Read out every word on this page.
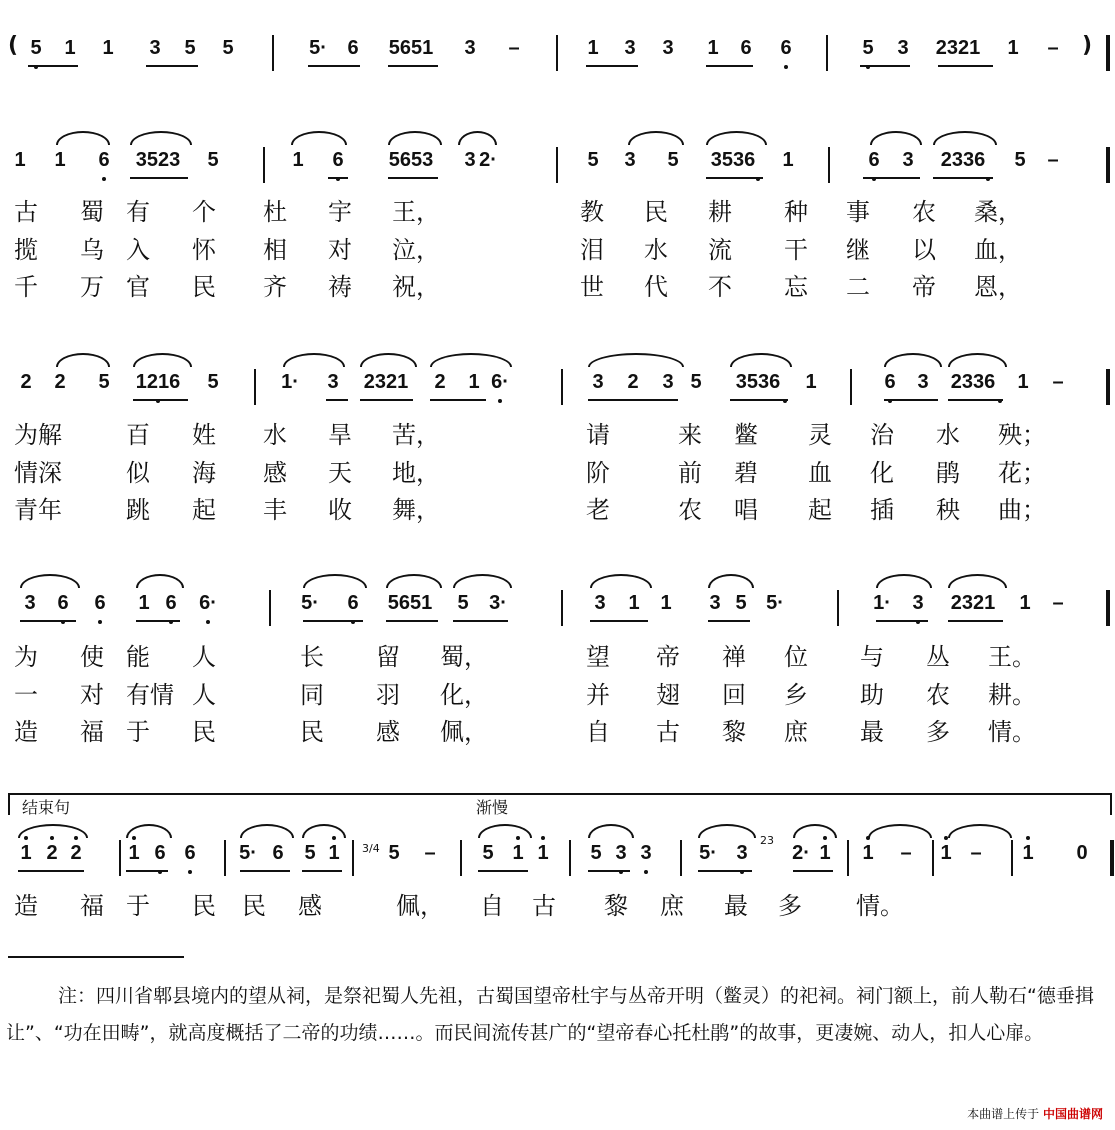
5 1 1 3 5 5	5· 6 5651 3 –	1 3 3 1 6 6	5 3 2321 1 –
(	)
1 1 6 3523 5	1 6 5653 3 2·	5 3 5 3536 1	6 3 2336 5 –
古 蜀 有 个 杜 宇 王，	教 民 耕 种 事 农 桑，
揽 乌 入 怀 相 对 泣，	泪 水 流 干 继 以 血，
千 万 官 民 齐 祷 祝，	世 代 不 忘 二 帝 恩，
2 2 5 1216 5	1· 3 2321 2 1 6·	3 2 3 5 3536 1	6 3 2336 1 –
为解	百 姓 水 旱 苦，	请	来 鳖 灵 治 水 殃；
情深	似 海 感 天 地，	阶	前 碧 血 化 鹃 花；
青年	跳 起 丰 收 舞，	老	农 唱 起 插 秧 曲；
3 6 6 1 6 6·	5· 6 5651 5 3·	3 1 1 3 5 5·	1· 3 2321 1 –
为 使 能 人	长 留 蜀，	望 帝 禅 位 与 丛 王。
一 对 有情 人	同 羽 化，	并 翅 回 乡 助 农 耕。
造 福 于 民	民 感 佩，	自 古 黎 庶 最 多 情。
结束句	渐慢
1 2 2 1 6 6 5· 6 5 1 5 – 5 1 1 5 3 3 5· 3 2· 1 1 – 1 – 1 0
23
3/4
造 福 于 民 民 感	佩， 自 古 黎 庶 最 多 情。
注：四川省郫县境内的望从祠，是祭祀蜀人先祖，古蜀国望帝杜宇与丛帝开明（鳖灵）的祀祠。祠门额上，前人勒石“德垂揖让”、“功在田畴”，就高度概括了二帝的功绩……。而民间流传甚广的“望帝春心托杜鹃”的故事，更凄婉、动人，扣人心扉。
本曲谱上传于 中国曲谱网
